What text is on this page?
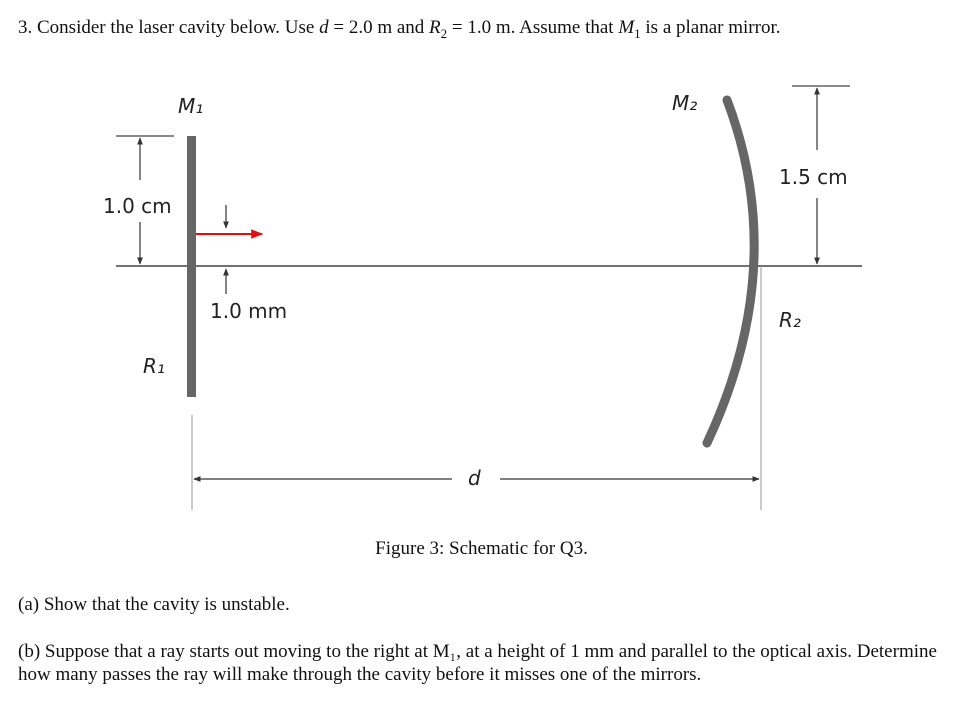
3. Consider the laser cavity below. Use d = 2.0 m and $R_2 = 1.0$ m. Assume that $M_1$ is a planar mirror.
M₁	M₂
R₁
R₂
1.0 cm
1.5 cm
1.0 mm
d
Figure 3: Schematic for Q3.
(a) Show that the cavity is unstable.
(b) Suppose that a ray starts out moving to the right at M₁, at a height of 1 mm and parallel to the optical axis. Determine how many passes the ray will make through the cavity before it misses one of the mirrors.
